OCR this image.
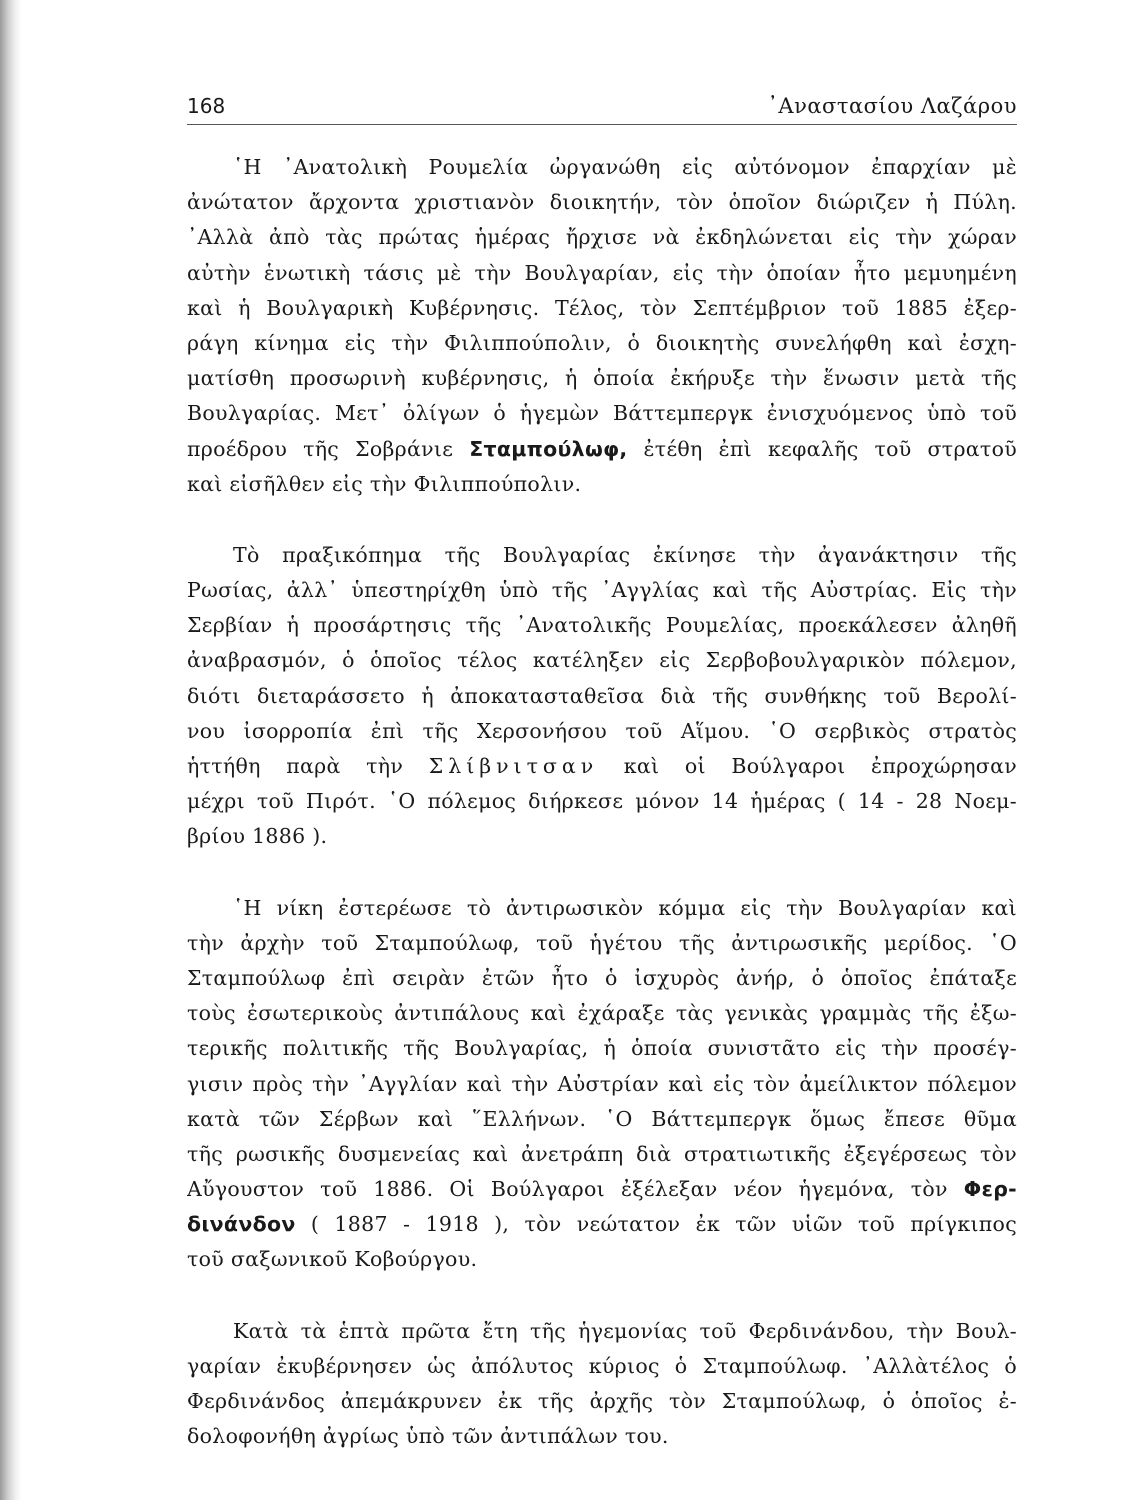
168	᾿Αναστασίου Λαζάρου
῾Η ᾿Ανατολικὴ Ρουμελία ὠργανώθη εἰς αὐτόνομον ἐπαρχίαν μὲ
ἀνώτατον ἄρχοντα χριστιανὸν διοικητήν, τὸν ὁποῖον διώριζεν ἡ Πύλη.
᾿Αλλὰ ἀπὸ τὰς πρώτας ἡμέρας ἤρχισε νὰ ἐκδηλώνεται εἰς τὴν χώραν
αὐτὴν ἑνωτικὴ τάσις μὲ τὴν Βουλγαρίαν, εἰς τὴν ὁποίαν ἦτο μεμυημένη
καὶ ἡ Βουλγαρικὴ Κυβέρνησις. Τέλος, τὸν Σεπτέμβριον τοῦ 1885 ἐξερ-
ράγη κίνημα εἰς τὴν Φιλιππούπολιν, ὁ διοικητὴς συνελήφθη καὶ ἐσχη-
ματίσθη προσωρινὴ κυβέρνησις, ἡ ὁποία ἐκήρυξε τὴν ἕνωσιν μετὰ τῆς
Βουλγαρίας. Μετ᾿ ὀλίγων ὁ ἡγεμὼν Βάττεμπεργκ ἐνισχυόμενος ὑπὸ τοῦ
προέδρου τῆς Σοβράνιε Σταμπούλωφ, ἐτέθη ἐπὶ κεφαλῆς τοῦ στρατοῦ
καὶ εἰσῆλθεν εἰς τὴν Φιλιππούπολιν.
Τὸ πραξικόπημα τῆς Βουλγαρίας ἐκίνησε τὴν ἀγανάκτησιν τῆς
Ρωσίας, ἀλλ᾿ ὑπεστηρίχθη ὑπὸ τῆς ᾿Αγγλίας καὶ τῆς Αὐστρίας. Εἰς τὴν
Σερβίαν ἡ προσάρτησις τῆς ᾿Ανατολικῆς Ρουμελίας, προεκάλεσεν ἀληθῆ
ἀναβρασμόν, ὁ ὁποῖος τέλος κατέληξεν εἰς Σερβοβουλγαρικὸν πόλεμον,
διότι διεταράσσετο ἡ ἀποκατασταθεῖσα διὰ τῆς συνθήκης τοῦ Βερολί-
νου ἰσορροπία ἐπὶ τῆς Χερσονήσου τοῦ Αἵμου. ῾Ο σερβικὸς στρατὸς
ἡττήθη παρὰ τὴν Σλίβνιτσαν καὶ οἱ Βούλγαροι ἐπροχώρησαν
μέχρι τοῦ Πιρότ. ῾Ο πόλεμος διήρκεσε μόνον 14 ἡμέρας ( 14 - 28 Νοεμ-
βρίου 1886 ).
῾Η νίκη ἐστερέωσε τὸ ἀντιρωσικὸν κόμμα εἰς τὴν Βουλγαρίαν καὶ
τὴν ἀρχὴν τοῦ Σταμπούλωφ, τοῦ ἡγέτου τῆς ἀντιρωσικῆς μερίδος. ῾Ο
Σταμπούλωφ ἐπὶ σειρὰν ἐτῶν ἦτο ὁ ἰσχυρὸς ἀνήρ, ὁ ὁποῖος ἐπάταξε
τοὺς ἐσωτερικοὺς ἀντιπάλους καὶ ἐχάραξε τὰς γενικὰς γραμμὰς τῆς ἐξω-
τερικῆς πολιτικῆς τῆς Βουλγαρίας, ἡ ὁποία συνιστᾶτο εἰς τὴν προσέγ-
γισιν πρὸς τὴν ᾿Αγγλίαν καὶ τὴν Αὐστρίαν καὶ εἰς τὸν ἀμείλικτον πόλεμον
κατὰ τῶν Σέρβων καὶ ῞Ελλήνων. ῾Ο Βάττεμπεργκ ὅμως ἔπεσε θῦμα
τῆς ρωσικῆς δυσμενείας καὶ ἀνετράπη διὰ στρατιωτικῆς ἐξεγέρσεως τὸν
Αὔγουστον τοῦ 1886. Οἱ Βούλγαροι ἐξέλεξαν νέον ἡγεμόνα, τὸν Φερ-
δινάνδον ( 1887 - 1918 ), τὸν νεώτατον ἐκ τῶν υἱῶν τοῦ πρίγκιπος
τοῦ σαξωνικοῦ Κοβούργου.
Κατὰ τὰ ἑπτὰ πρῶτα ἔτη τῆς ἡγεμονίας τοῦ Φερδινάνδου, τὴν Βουλ-
γαρίαν ἐκυβέρνησεν ὡς ἀπόλυτος κύριος ὁ Σταμπούλωφ. ᾿Αλλὰτέλος ὁ
Φερδινάνδος ἀπεμάκρυνεν ἐκ τῆς ἀρχῆς τὸν Σταμπούλωφ, ὁ ὁποῖος ἐ-
δολοφονήθη ἀγρίως ὑπὸ τῶν ἀντιπάλων του.
